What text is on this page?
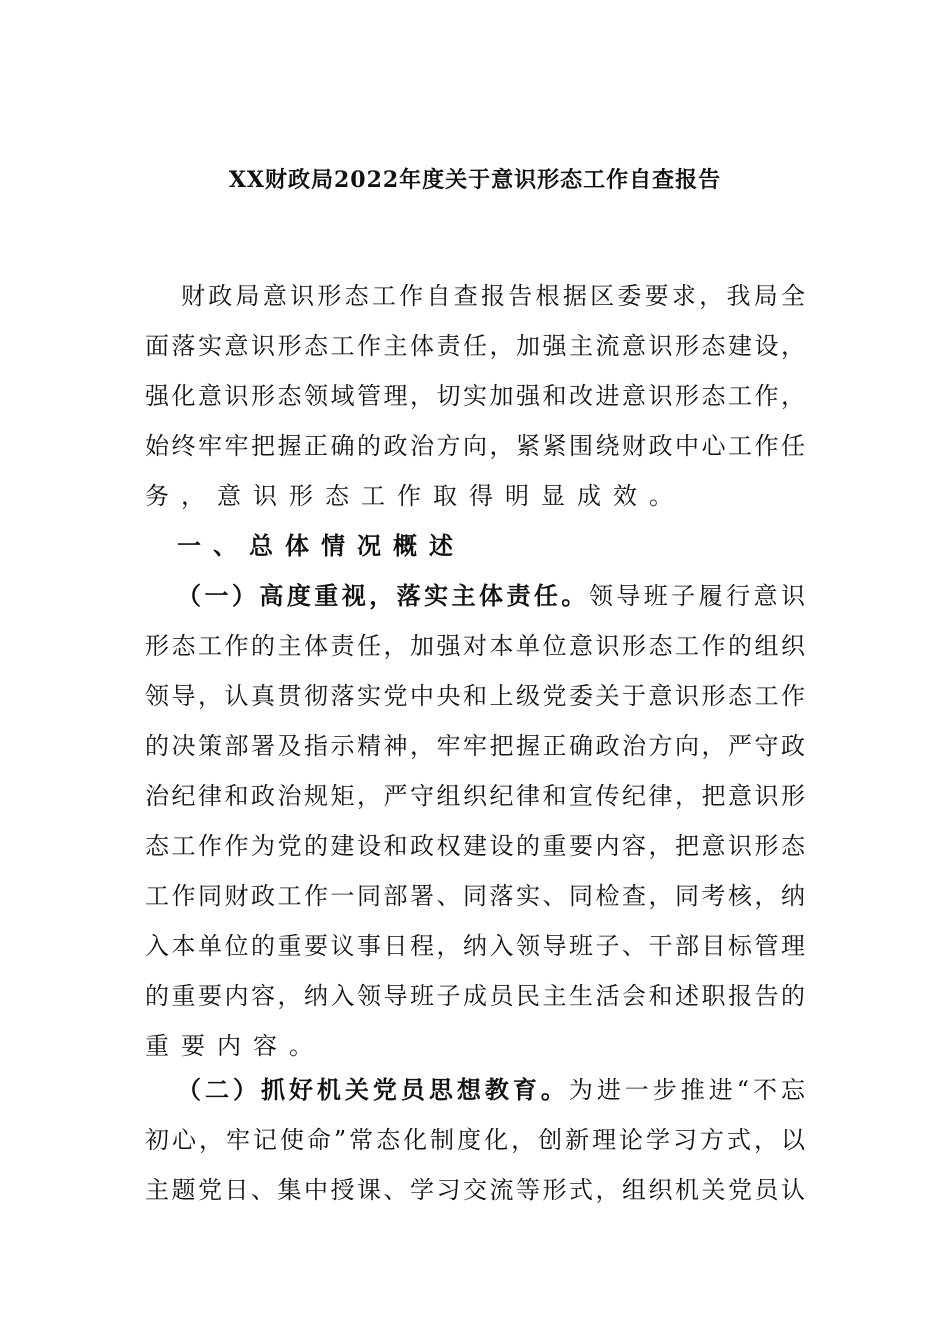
XX财政局2022年度关于意识形态工作自查报告
财政局意识形态工作自查报告根据区委要求，我局全
面落实意识形态工作主体责任，加强主流意识形态建设，
强化意识形态领域管理，切实加强和改进意识形态工作，
始终牢牢把握正确的政治方向，紧紧围绕财政中心工作任
务，意识形态工作取得明显成效。
一、总体情况概述
（一）高度重视，落实主体责任。领导班子履行意识
形态工作的主体责任，加强对本单位意识形态工作的组织
领导，认真贯彻落实党中央和上级党委关于意识形态工作
的决策部署及指示精神，牢牢把握正确政治方向，严守政
治纪律和政治规矩，严守组织纪律和宣传纪律，把意识形
态工作作为党的建设和政权建设的重要内容，把意识形态
工作同财政工作一同部署、同落实、同检查，同考核，纳
入本单位的重要议事日程，纳入领导班子、干部目标管理
的重要内容，纳入领导班子成员民主生活会和述职报告的
重要内容。
（二）抓好机关党员思想教育。为进一步推进“不忘
初心，牢记使命”常态化制度化，创新理论学习方式，以
主题党日、集中授课、学习交流等形式，组织机关党员认
